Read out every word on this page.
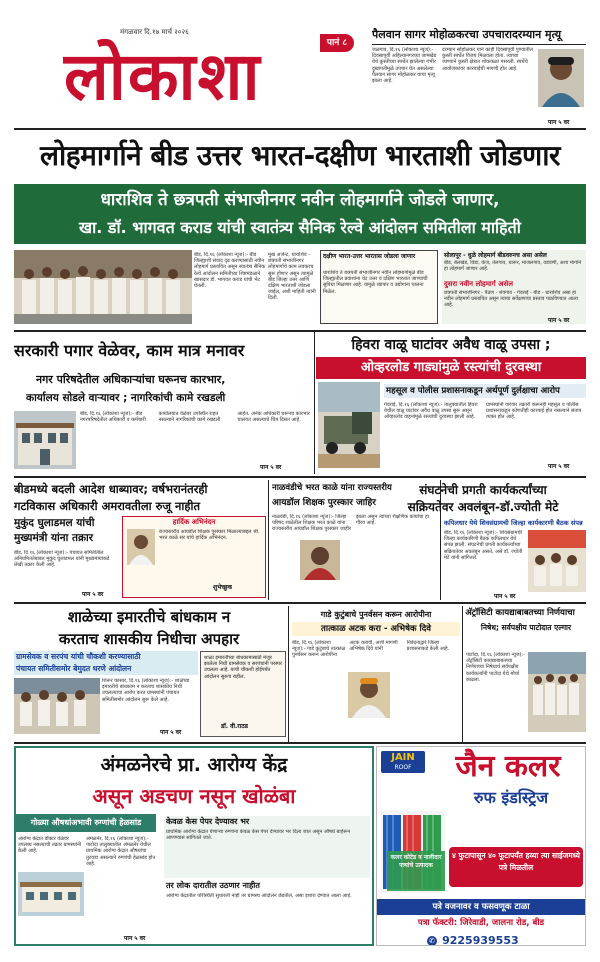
मंगळवार दि.१७ मार्च २०२६
लोकाशा	पानं ८
पैलवान सागर मोहोळकरचा उपचारादरम्यान मृत्यू
जळगाव, दि.१६ (लोकाशा न्यूज):- दिवसापूर्वी अहिल्यानगरच्या जामखेड येथे कुस्तीच्या स्पर्धेत झालेल्या गंभीर दुखापतीमुळे उपचार घेत असलेल्या पैलवान सागर मोहोळकर याचा मृत्यू झाला आहे.
दरम्यान सोहोळकर याने काही दिवसांपूर्वी पुण्यातील कुस्ती स्पर्धेत विजय मिळवला होता. त्याच्या जाण्याने कुस्ती क्षेत्रात शोककळा पसरली. स्पर्धेचे आयोजकांवर कारवाईची मागणी होत आहे.
पान ५ वर
लोहमार्गाने बीड उत्तर भारत-दक्षीण भारताशी जोडणार
धाराशिव ते छत्रपती संभाजीनगर नवीन लोहमार्गाने जोडले जाणार,
खा. डॉ. भागवत कराड यांची स्वातंत्र्य सैनिक रेल्वे आंदोलन समितीला माहिती
बीड, दि.१६ (लोकाशा न्यूज):- बीड जिल्ह्याशी संवाद दृढ करण्यासाठी नवीन लोहमार्ग प्रस्तावित असून स्वातंत्र्य सैनिक रेल्वे आंदोलन समितीच्या शिष्टमंडळाने खासदार डॉ. भागवत कराड यांची भेट घेतली.
मुख अर्जेन्ट, धाराशिव - छत्रपती संभाजीनगर लोहमार्गाचे काम लवकरच सुरू होणार असून त्यामुळे बीड जिल्हा उत्तर आणि दक्षिण भारताशी जोडला जाईल, अशी माहिती त्यांनी दिली.
दक्षीण भारत-उत्तर भारतास जोडला जाणार
धाराशिव ते छत्रपती संभाजीनगर नवीन लोहमार्गामुळे बीड जिल्ह्यातील प्रवाशांना थेट उत्तर व दक्षिण भारतात जाण्याची सुविधा मिळणार आहे. यामुळे व्यापार व उद्योगांना चालना मिळेल.
सोलापूर - धुळे लोहमार्ग बीडवरुनच असा असेल
बीड, बेलखंड, विडा, केज, तेलगाव, धारूर, माजलगाव, वडवणी, अशा मार्गाने हा लोहमार्ग जाणार आहे.
दुसरा नवीन लोहमार्ग असेल
छत्रपती संभाजीनगर - पैठण - शेवगाव - गेवराई - बीड - धाराशिव असा हा नवीन लोहमार्ग प्रस्तावित असून त्याचा सर्वेक्षणाचा प्रस्ताव पाठविण्यात आला आहे.
पान ५ वर
सरकारी पगार वेळेवर, काम मात्र मनावर
नगर परिषदेतील अधिकाऱ्यांचा घरूनच कारभार,
कार्यालय सोडले वाऱ्यावर ; नागरिकांची कामे रखडली
बीड, दि.१६ (लोकाशा न्यूज):- बीड नगरपरिषदेतील अधिकारी व कर्मचारी कार्यालयात वेळेवर उपस्थित राहत नसल्याने नागरिकांची कामे रखडली आहेत. अनेक अधिकारी घरूनच कारभार चालवत असल्याचे चित्र दिसत आहे.
पान ५ वर
हिवरा वाळू घाटांवर अवैध वाळू उपसा ;
ओव्हरलोड गाड्यांमुळे रस्त्यांची दुरवस्था
महसूल व पोलीस प्रशासनाकडून अर्थपूर्ण दुर्लक्षाचा आरोप
गेवराई, दि.१६ (लोकाशा न्यूज):- तालुक्यातील हिवरा येथील वाळू घाटांवर अवैध वाळू उपसा सुरू असून ओव्हरलोड वाहनांमुळे रस्त्यांची दुरवस्था झाली आहे.
ग्रामस्थांनी वारंवार तक्रारी करूनही महसूल व पोलीस प्रशासनाकडून कोणतीही कारवाई होत नसल्याने संताप व्यक्त होत आहे.
पान ५ वर
बीडमध्ये बदली आदेश धाब्यावर; वर्षभरानंतरही
गटविकास अधिकारी अमरावतीला रुजू नाहीत
मुकुंद घुलाडमल यांची मुख्यमंत्री यांना तक्रार
बीड, दि.१६ (लोकाशा न्यूज):- पंचायत समितीतील अनियमिततेबाबत मुकुंद घुलाडमल यांनी मुख्यमंत्र्यांकडे लेखी तक्रार केली आहे.
पान ५ वर
हार्दिक अभिनंदन
राज्यस्तरीय आयडॉल शिक्षक पुरस्कार मिळाल्याबद्दल श्री. भरत काळे सर यांचे हार्दिक अभिनंदन.
शुभेच्छुक
नाळवंडीचे भरत काळे यांना राज्यस्तरीय
आयडॉल शिक्षक पुरस्कार जाहिर
नाळवंडी, दि.१६ (लोकाशा न्यूज):- जिल्हा परिषद शाळेतील शिक्षक भरत काळे यांना राज्यस्तरीय आयडॉल शिक्षक पुरस्कार जाहीर झाला असून त्यांच्या शैक्षणिक कार्याचा हा गौरव आहे.
संघटनेची प्रगती कार्यकर्त्यांच्या
सक्रियतेवर अवलंबून-डॉ.ज्योती मेटे
कपिलधार येथे शिवसंग्रामची जिल्हा कार्यकारणी बैठक संपन्न
बीड, दि.१६ (लोकाशा न्यूज):- शिवसंग्रामची जिल्हा कार्यकारिणी बैठक कपिलधार येथे संपन्न झाली. संघटनेची प्रगती कार्यकर्त्यांच्या सक्रियतेवर अवलंबून असते, असे डॉ. ज्योती मेटे यांनी सांगितले.
पान ५ वर
शाळेच्या इमारतीचे बांधकाम न
करताच शासकीय निधीचा अपहार
ग्रामसेवक व सरपंच यांची चौकशी करण्यासाठी
पंचायत समितीसमोर बेमुदत धरणे आंदोलन
शिरूर कासार, दि.१६ (लोकाशा न्यूज):- शाळेच्या इमारतीचे बांधकाम न करताच शासकीय निधी उचलल्याचा आरोप करत ग्रामस्थांनी पंचायत समितीसमोर आंदोलन सुरू केले आहे.
शाळा इमारतीच्या बांधकामासाठी मंजूर झालेला निधी ग्रामसेवक व सरपंचांनी परस्पर उचलला आहे. याची चौकशी होईपर्यंत आंदोलन सुरूच राहील.
डॉ. वी.राठड
पान ५ वर
गाडे कुटुंबाचे पुनर्वसन करून आरोपीना
तात्काळ अटक करा - अभिषेक दिवे
बीड, दि.१६ (लोकाशा न्यूज):- गाडे कुटुंबाचे तात्काळ पुनर्वसन करून आरोपींना अटक करावी, अशी मागणी अभिषेक दिवे यांनी निवेदनाद्वारे जिल्हा प्रशासनाकडे केली आहे.
अ‍ॅट्रॉसिटी कायद्याबाबतच्या निर्णयाचा
निषेध; सर्वपक्षीय पाटोदात एल्गार
पाटोदा, दि.१६ (लोकाशा न्यूज):- अ‍ॅट्रॉसिटी कायद्याबाबतच्या निर्णयाच्या निषेधार्थ सर्वपक्षीय कार्यकर्त्यांनी पाटोदा येथे मोर्चा काढला.
अंमळनेरचे प्रा. आरोग्य केंद्र
असून अडचण नसून खोळंबा
गोळ्या औषधांअभावी रुग्णांची हेळसांड
आरोग्य केंद्रात डॉक्टर वेळेवर उपलब्ध नसल्याची तक्रार ग्रामस्थांनी केली आहे.
अंमळनेर, दि.१६ (लोकाशा न्यूज):- पाटोदा तालुक्यातील अंमळनेर येथील प्राथमिक आरोग्य केंद्रात औषधांचा तुटवडा असल्याने रुग्णांची हेळसांड होत आहे.
केवळ केस पेपर देण्यावर भर
प्राथमिक आरोग्य केंद्रात येणाऱ्या रुग्णांना केवळ केस पेपर देण्यावर भर दिला जात असून औषधे बाहेरून आणण्यास सांगितले जाते.
तर लोक दारातील उठणार नाहीत
आरोग्य केंद्रातील परिस्थिती सुधारली नाही तर ग्रामस्थ आंदोलन छेडतील, असा इशारा देण्यात आला आहे.
पान ५ वर
JAIN
ROOF	जैन कलर
रुफ इंडस्ट्रिज
कलर कोटेड व नालीदार पत्र्यांचे उत्पादक
४ फुटापासून ४० फूटापर्यंत हव्या त्या साईजमध्ये पत्रे मिळतील
पत्रे वजनावर व फसवणूक टाळा
पत्रा फॅक्टरी: जिरेवाडी, जालना रोड, बीड
✆ 9225939553
